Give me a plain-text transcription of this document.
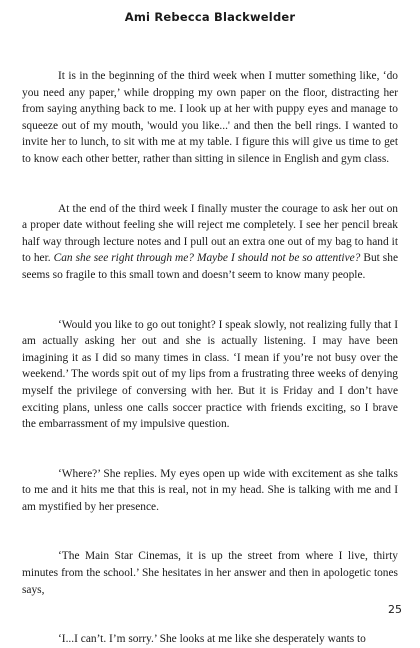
Ami Rebecca Blackwelder

It is in the beginning of the third week when I mutter something like, ‘do you need any paper,’ while dropping my own paper on the floor, distracting her from saying anything back to me. I look up at her with puppy eyes and manage to squeeze out of my mouth, 'would you like...' and then the bell rings. I wanted to invite her to lunch, to sit with me at my table. I figure this will give us time to get to know each other better, rather than sitting in silence in English and gym class.

At the end of the third week I finally muster the courage to ask her out on a proper date without feeling she will reject me completely. I see her pencil break half way through lecture notes and I pull out an extra one out of my bag to hand it to her. Can she see right through me? Maybe I should not be so attentive? But she seems so fragile to this small town and doesn’t seem to know many people.

‘Would you like to go out tonight? I speak slowly, not realizing fully that I am actually asking her out and she is actually listening. I may have been imagining it as I did so many times in class. ‘I mean if you’re not busy over the weekend.’ The words spit out of my lips from a frustrating three weeks of denying myself the privilege of conversing with her. But it is Friday and I don’t have exciting plans, unless one calls soccer practice with friends exciting, so I brave the embarrassment of my impulsive question.

‘Where?’ She replies. My eyes open up wide with excitement as she talks to me and it hits me that this is real, not in my head. She is talking with me and I am mystified by her presence.

‘The Main Star Cinemas, it is up the street from where I live, thirty minutes from the school.’ She hesitates in her answer and then in apologetic tones says,

‘I...I can’t. I’m sorry.’ She looks at me like she desperately wants to

25
